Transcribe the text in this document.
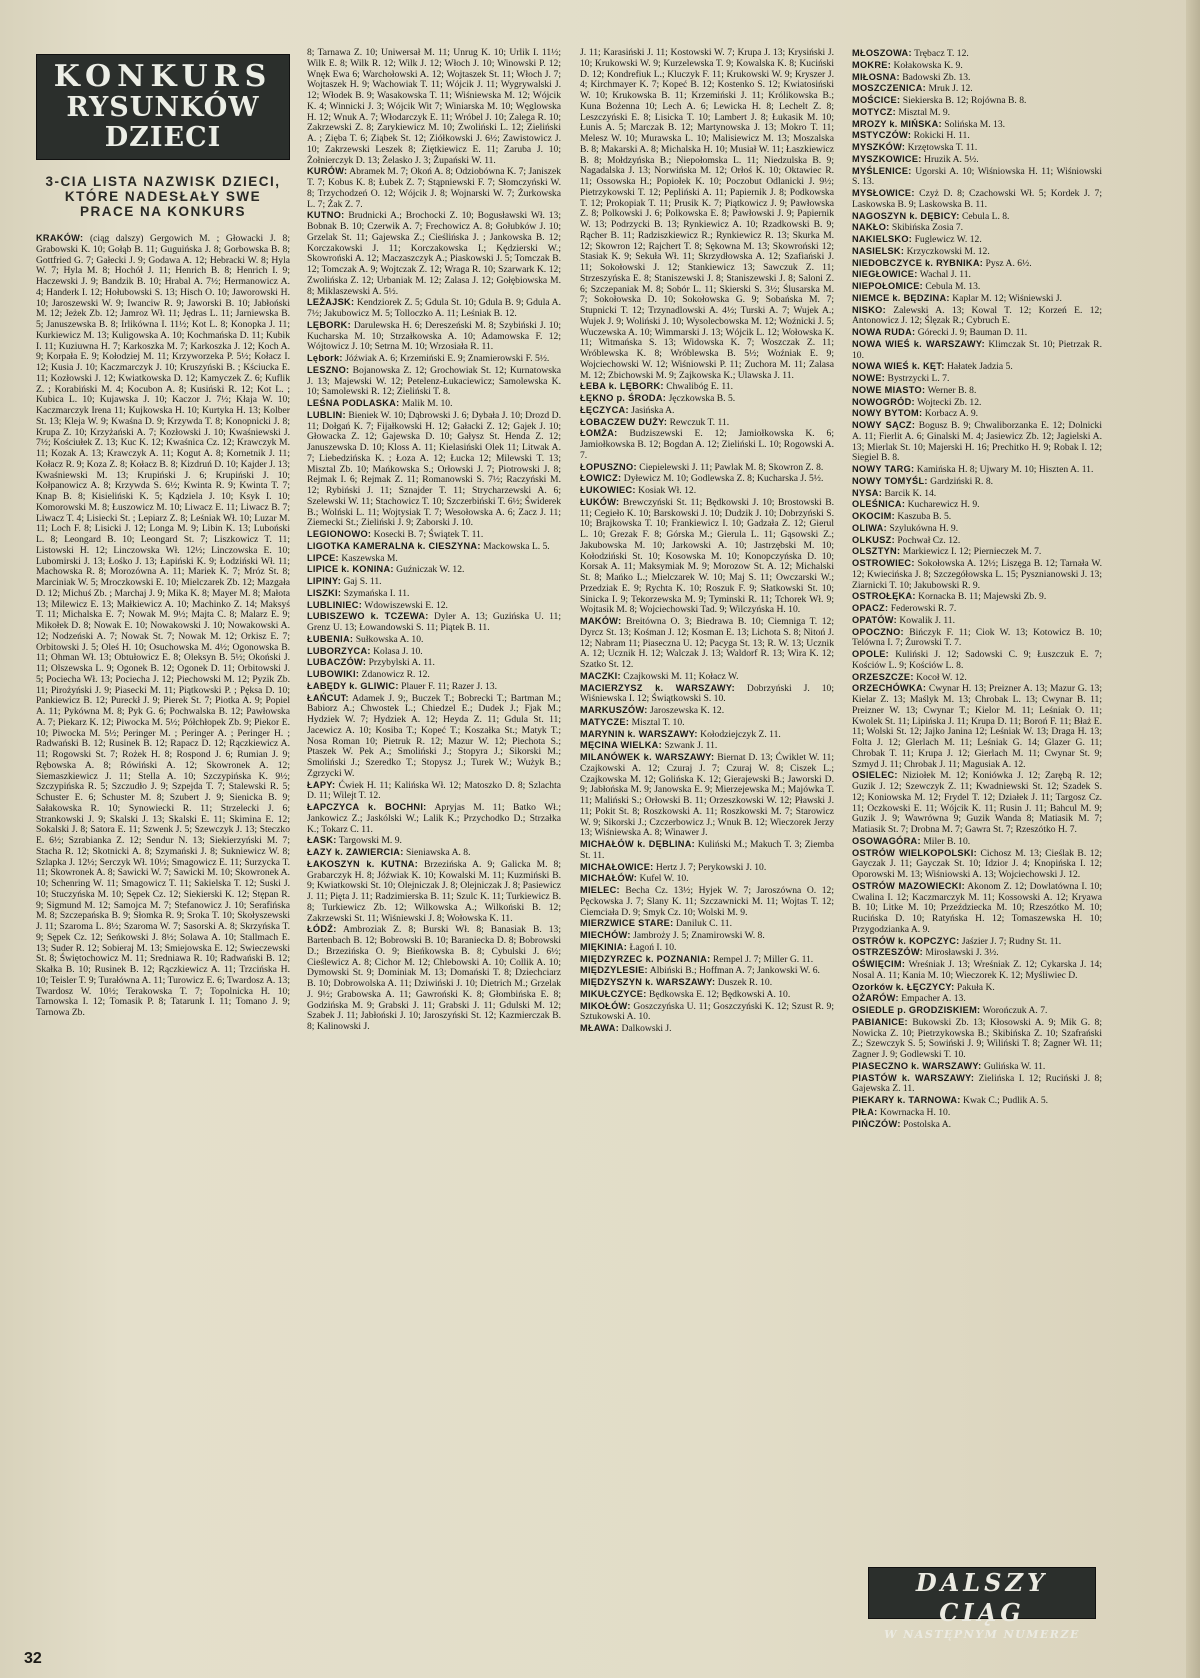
KONKURS
RYSUNKÓW DZIECI
3-CIA LISTA NAZWISK DZIECI, KTÓRE NADESŁAŁY SWE PRACE NA KONKURS

KRAKÓW: (ciąg dalszy) Gergowich M. ; Głowacki J. 8; Grabowski K. 10; Gołąb B. 11; Guguińska J. 8; Gorbowska B. 8; Gottfried G. 7; Gałecki J. 9; Godawa A. 12; Hebracki W. 8; Hyla W. 7; Hyla M. 8; Hochół J. 11; Henrich B. 8; Henrich I. 9; Haczewski J. 9; Bandzik B. 10; Hrabal A. 7½; Hermanowicz A. 4; Handerk I. 12; Hołubowski S. 13; Hisch O. 10; Jaworowski H. 10; Jaroszewski W. 9; Iwanciw R. 9; Jaworski B. 10; Jabłoński M. 12; Jeżek Zb. 12; Jamroz Wł. 11; Jędras L. 11; Jarniewska B. 5; Januszewska B. 8; Irlikówna I. 11½; Kot L. 8; Konopka J. 11; Kurkiewicz M. 13; Kuligowska A. 10; Kochmańska D. 11; Kubik I. 11; Kuziuwna H. 7; Karkoszka M. 7; Karkoszka J. 12; Koch A. 9; Korpała E. 9; Kołodziej M. 11; Krzyworzeka P. 5½; Kołacz I. 12; Kusia J. 10; Kaczmarczyk J. 10; Kruszyński B. ; Kściucka E. 11; Kozłowski J. 12; Kwiatkowska D. 12; Kamyczek Z. 6; Kuflik Z. ; Korabiński M. 4; Kocubon A. 8; Kusiński R. 12; Kot L. ; Kubica L. 10; Kujawska J. 10; Kaczor J. 7½; Kłaja W. 10; Kaczmarczyk Irena 11; Kujkowska H. 10; Kurtyka H. 13; Kolber St. 13; Kleja W. 9; Kwaśna D. 9; Krzywda T. 8; Konopnicki J. 8; Krupa Z. 10; Krzyżański A. 7; Kozłowski J. 10; Kwaśniewski J. 7½; Kościułek Z. 13; Kuc K. 12; Kwaśnica Cz. 12; Krawczyk M. 11; Kozak A. 13; Krawczyk A. 11; Kogut A. 8; Kornetnik J. 11; Kołacz R. 9; Koza Z. 8; Kołacz B. 8; Kizdruń D. 10; Kajder J. 13; Kwaśniewski M. 13; Krupiński J. 6; Krupiński J. 10; Kołpanowicz A. 8; Krzywda S. 6½; Kwinta R. 9; Kwinta T. 7; Knap B. 8; Kisieliński K. 5; Kądziela J. 10; Ksyk I. 10; Komorowski M. 8; Łuszowicz M. 10; Liwacz E. 11; Liwacz B. 7; Liwacz T. 4; Lisiecki St. ; Lepiarz Z. 8; Leśniak Wł. 10; Luzar M. 11; Loch F. 8; Lisicki J. 12; Longa M. 9; Libin K. 13; Luboński L. 8; Leongard B. 10; Leongard St. 7; Liszkowicz T. 11; Listowski H. 12; Linczowska Wł. 12½; Linczowska E. 10; Lubomirski J. 13; Łośko J. 13; Łapiński K. 9; Łodziński Wł. 11; Machowska R. 8; Morozówna A. 11; Mariek K. 7; Mróz St. 8; Marciniak W. 5; Mroczkowski E. 10; Mielczarek Zb. 12; Mazgała D. 12; Michuś Zb. ; Marchaj J. 9; Mika K. 8; Mayer M. 8; Małota 13; Milewicz E. 13; Małkiewicz A. 10; Machinko Z. 14; Maksyś T. 11; Michalska E. 7; Nowak M. 9½; Majta C. 8; Malarz E. 9; Mikołek D. 8; Nowak E. 10; Nowakowski J. 10; Nowakowski A. 12; Nodzeński A. 7; Nowak St. 7; Nowak M. 12; Orkisz E. 7; Orbitowski J. 5; Oleś H. 10; Osuchowska M. 4½; Ogonowska B. 11; Ohman Wł. 13; Obtułowicz E. 8; Oleksyn B. 5½; Okoński J. 11; Olszewska L. 9; Ogonek B. 12; Ogonek D. 11; Orbitowski J. 5; Pociecha Wł. 13; Pociecha J. 12; Piechowski M. 12; Pyzik Zb. 11; Pirożyński J. 9; Piasecki M. 11; Piątkowski P. ; Pęksa D. 10; Pankiewicz B. 12; Pureckł J. 9; Pierek St. 7; Piotka A. 9; Popiel A. 11; Pykówna M. 8; Pyk G. 6; Pochwalska B. 12; Pawłowska A. 7; Piekarz K. 12; Piwocka M. 5½; Półchłopek Zb. 9; Piekor E. 10; Piwocka M. 5½; Peringer M. ; Peringer A. ; Peringer H. ; Radwański B. 12; Rusinek B. 12; Rapacz D. 12; Rączkiewicz A. 11; Rogowski St. 7; Rożek H. 8; Rospond J. 6; Rumian J. 9; Rębowska A. 8; Rówiński A. 12; Skowronek A. 12; Siemaszkiewicz J. 11; Stella A. 10; Szczypińska K. 9½; Szczypińska R. 5; Szczudło J. 9; Szpejda T. 7; Stalewski R. 5; Schuster E. 6; Schuster M. 8; Szubert J. 9; Sienicka B. 9; Sałakowska R. 10; Synowiecki R. 11; Strzelecki J. 6; Strankowski J. 9; Skalski J. 13; Skalski E. 11; Skimina E. 12; Sokalski J. 8; Satora E. 11; Szwenk J. 5; Szewczyk J. 13; Steczko E. 6½; Szrabianka Z. 12; Sendur N. 13; Siekierzyński M. 7; Stacha R. 12; Skotnicki A. 8; Szymański J. 8; Sukniewicz W. 8; Szlapka J. 12½; Serczyk Wł. 10½; Smagowicz E. 11; Surzycka T. 11; Skowronek A. 8; Sawicki W. 7; Sawicki M. 10; Skowronek A. 10; Schenring W. 11; Smagowicz T. 11; Sakielska T. 12; Suski J. 10; Stuczyńska M. 10; Sępek Cz. 12; Siekierski K. 12; Stępan R. 9; Sigmund M. 12; Samojca M. 7; Stefanowicz J. 10; Serafińska M. 8; Szczepańska B. 9; Słomka R. 9; Sroka T. 10; Skołyszewski J. 11; Szaroma L. 8½; Szaroma W. 7; Sasorski A. 8; Skrzyńska T. 9; Sępek Cz. 12; Seńkowski J. 8½; Solawa A. 10; Stallmach E. 13; Suder R. 12; Sobieraj M. 13; Smiejowska E. 12; Swieczewski St. 8; Świętochowicz M. 11; Sredniawa R. 10; Radwański B. 12; Skałka B. 10; Rusinek B. 12; Rączkiewicz A. 11; Trzcińska H. 10; Teisler T. 9; Turałówna A. 11; Turowicz E. 6; Twardosz A. 13; Twardosz W. 10½; Terakowska T. 7; Topolnicka H. 10; Tarnowska I. 12; Tomasik P. 8; Tatarunk I. 11; Tomano J. 9; Tarnowa Zb.

8; Tarnawa Z. 10; Uniwersał M. 11; Unrug K. 10; Urlik I. 11½; Wilk E. 8; Wilk R. 12; Wilk J. 12; Włoch J. 10; Winowski P. 12; Wnęk Ewa 6; Warchołowski A. 12; Wojtaszek St. 11; Włoch J. 7; Wojtaszek H. 9; Wachowiak T. 11; Wójcik J. 11; Wygrywalski J. 12; Włodek B. 9; Wasakowska T. 11; Wiśniewska M. 12; Wójcik K. 4; Winnicki J. 3; Wójcik Wit 7; Winiarska M. 10; Węglowska H. 12; Wnuk A. 7; Włodarczyk E. 11; Wróbel J. 10; Zalega R. 10; Zakrzewski Z. 8; Zarykiewicz M. 10; Zwoliński L. 12; Zieliński A. ; Zięba T. 6; Ziąbek St. 12; Ziółkowski J. 6½; Zawistowicz J. 10; Zakrzewski Leszek 8; Ziętkiewicz E. 11; Zaruba J. 10; Żołnierczyk D. 13; Żelasko J. 3; Żupański W. 11.

KURÓW: Abramek M. 7; Okoń A. 8; Odziobówna K. 7; Janiszek T. 7; Kobus K. 8; Łubek Z. 7; Stąpniewski F. 7; Słomczyński W. 8; Trzychodzeń O. 12; Wójcik J. 8; Wojnarski W. 7; Żurkowska L. 7; Żak Z. 7.

KUTNO: Brudnicki A.; Brochocki Z. 10; Bogusławski Wł. 13; Bobnak B. 10; Czerwik A. 7; Frechowicz A. 8; Gołubków J. 10; Grzelak St. 11; Gajewska Z.; Cieślińska J. ; Jankowska B. 12; Korczakowski J. 11; Korczakowska I.; Kędzierski W.; Skowroński A. 12; Maczaszczyk A.; Piaskowski J. 5; Tomczak B. 12; Tomczak A. 9; Wojtczak Z. 12; Wraga R. 10; Szarwark K. 12; Zwolińska Z. 12; Urbaniak M. 12; Zalasa J. 12; Gołębiowska M. 8; Miklaszewski A. 5½.

LEŻAJSK: Kendziorek Z. 5; Gdula St. 10; Gdula B. 9; Gdula A. 7½; Jakubowicz M. 5; Tolloczko A. 11; Leśniak B. 12.

LĘBORK: Darulewska H. 6; Dereszeński M. 8; Szybiński J. 10; Kucharska M. 10; Strzałkowska A. 10; Adamowska F. 12; Wójtowicz J. 10; Setrna M. 10; Wrzosiała R. 11.

Lębork: Jóźwiak A. 6; Krzemiński E. 9; Znamierowski F. 5½.

LESZNO: Bojanowska Z. 12; Grochowiak St. 12; Kurnatowska J. 13; Majewski W. 12; Petelenz-Łukaciewicz; Samolewska K. 10; Samolewski R. 12; Zieliński T. 8.

LEŚNA PODLASKA: Malik M. 10.

LUBLIN: Bieniek W. 10; Dąbrowski J. 6; Dybała J. 10; Drozd D. 11; Dołgań K. 7; Fijałkowski H. 12; Gałacki Z. 12; Gajek J. 10; Głowacka Z. 12; Gajewska D. 10; Gałysz St. Henda Z. 12; Januszewska D. 10; Kloss A. 11; Kielasiński Olek 11; Litwak A. 7; Liebedzińska K. ; Łoza A. 12; Łucka 12; Milewski T. 13; Misztal Zb. 10; Mańkowska S.; Orłowski J. 7; Piotrowski J. 8; Rejmak I. 6; Rejmak Z. 11; Romanowski S. 7½; Raczyński M. 12; Rybiński J. 11; Sznajder T. 11; Strycharzewski A. 6; Szelewski W. 11; Stachowicz T. 10; Szczerbiński T. 6½; Świderek B.; Wolński L. 11; Wojtysiak T. 7; Wesołowska A. 6; Zacz J. 11; Ziemecki St.; Zieliński J. 9; Zaborski J. 10.

LEGIONOWO: Kosecki B. 7; Świątek T. 11.

LIGOTKA KAMERALNA k. CIESZYNA: Mackowska L. 5.

LIPCE: Kaszewska M.

LIPICE k. KONINA: Guźniczak W. 12.

LIPINY: Gaj S. 11.

LISZKI: Szymańska I. 11.

LUBLINIEC: Wdowiszewski E. 12.

LUBISZEWO k. TCZEWA: Dyler A. 13; Guzińska U. 11; Grenz U. 13; Łowandowski S. 11; Piątek B. 11.

ŁUBENIA: Sułkowska A. 10.

LUBORZYCA: Kolasa J. 10.

LUBACZÓW: Przybylski A. 11.

LUBOWIKI: Zdanowicz R. 12.

ŁABĘDY k. GLIWIC: Plauer F. 11; Razer J. 13.

ŁAŃCUT: Adamek J. 9;, Buczek T.; Bobrecki T.; Bartman M.; Babiorz A.; Chwostek L.; Chiedzel E.; Dudek J.; Fjak M.; Hydziek W. 7; Hydziek A. 12; Heyda Z. 11; Gdula St. 11; Jacewicz A. 10; Kosiba T.; Kopeć T.; Koszałka St.; Matyk T.; Nosa Roman 10; Pietruk R. 12; Mazur W. 12; Piechota S.; Ptaszek W. Pek A.; Smoliński J.; Stopyra J.; Sikorski M.; Smoliński J.; Szeredko T.; Stopysz J.; Turek W.; Wużyk B.; Zgrzycki W.

ŁAPY: Ćwiek H. 11; Kalińska Wł. 12; Matoszko D. 8; Szlachta D. 11; Wilejt T. 12.

ŁAPCZYCA k. BOCHNI: Apryjas M. 11; Batko Wł.; Jankowicz Z.; Jaskólski W.; Lalik K.; Przychodko D.; Strzałka K.; Tokarz C. 11.

ŁASK: Targowski M. 9.

ŁAZY k. ZAWIERCIA: Sieniawska A. 8.

ŁAKOSZYN k. KUTNA: Brzezińska A. 9; Galicka M. 8; Grabarczyk H. 8; Jóźwiak K. 10; Kowalski M. 11; Kuzmiński B. 9; Kwiatkowski St. 10; Olejniczak J. 8; Olejniczak J. 8; Pasiewicz J. 11; Pięta J. 11; Radzimierska B. 11; Szulc K. 11; Turkiewicz B. 8; Turkiewicz Zb. 12; Wilkowska A.; Wilkoński B. 12; Zakrzewski St. 11; Wiśniewski J. 8; Wołowska K. 11.

ŁÓDŹ: Ambroziak Z. 8; Burski Wł. 8; Banasiak B. 13; Bartenbach B. 12; Bobrowski B. 10; Baraniecka D. 8; Bobrowski D.; Brzezińska O. 9; Bieńkowska B. 8; Cybulski J. 6½; Cieślewicz A. 8; Cichor M. 12; Chlebowski A. 10; Collik A. 10; Dymowski St. 9; Dominiak M. 13; Domański T. 8; Dziechciarz B. 10; Dobrowolska A. 11; Dziwiński J. 10; Dietrich M.; Grzelak J. 9½; Grabowska A. 11; Gawroński K. 8; Głombińska E. 8; Godzińska M. 9; Grabski J. 11; Grabski J. 11; Gdulski M. 12; Szabek J. 11; Jabłoński J. 10; Jaroszyński St. 12; Kazmierczak B. 8; Kalinowski J.

J. 11; Karasiński J. 11; Kostowski W. 7; Krupa J. 13; Krysiński J. 10; Krukowski W. 9; Kurzelewska T. 9; Kowalska K. 8; Kuciński D. 12; Kondrefiuk L.; Kluczyk F. 11; Krukowski W. 9; Kryszer J. 4; Kirchmayer K. 7; Kopeć B. 12; Kostenko S. 12; Kwiatosiński W. 10; Krukowska B. 11; Krzemiński J. 11; Królikowska B.; Kuna Bożenna 10; Lech A. 6; Lewicka H. 8; Lechelt Z. 8; Leszczyński E. 8; Lisicka T. 10; Lambert J. 8; Łukasik M. 10; Łunis A. 5; Marczak B. 12; Martynowska J. 13; Mokro T. 11; Melesz W. 10; Murawska L. 10; Malisiewicz M. 13; Moszalska B. 8; Makarski A. 8; Michalska H. 10; Musiał W. 11; Łaszkiewicz B. 8; Mołdzyńska B.; Niepołomska L. 11; Niedzulska B. 9; Nagadalska J. 13; Norwińska M. 12; Orłoś K. 10; Oktawiec R. 11; Ossowska H.; Popiołek K. 10; Poczobut Odlanicki J. 9½; Pietrzykowski T. 12; Pepliński A. 11; Papiernik J. 8; Podkowska T. 12; Prokopiak T. 11; Prusik K. 7; Piątkowicz J. 9; Pawłowska Z. 8; Polkowski J. 6; Polkowska E. 8; Pawłowski J. 9; Papiernik W. 13; Podrzycki B. 13; Rynkiewicz A. 10; Rzadkowski B. 9; Rącher B. 11; Radziszkiewicz R.; Rynkiewicz R. 13; Skurka M. 12; Skowron 12; Rajchert T. 8; Sękowna M. 13; Skowroński 12; Stasiak K. 9; Sekuła Wł. 11; Skrzydłowska A. 12; Szafiański J. 11; Sokołowski J. 12; Stankiewicz 13; Sawczuk Z. 11; Strzeszyńska E. 8; Staniszewski J. 8; Staniszewski J. 8; Saloni Z. 6; Szczepaniak M. 8; Sobór L. 11; Skierski S. 3½; Ślusarska M. 7; Sokołowska D. 10; Sokołowska G. 9; Sobańska M. 7; Stupnicki T. 12; Trzynadlowski A. 4½; Turski A. 7; Wujek A.; Wujek J. 9; Woliński J. 10; Wysolecbowska M. 12; Woźnicki J. 5; Wuczewska A. 10; Wimmarski J. 13; Wójcik L. 12; Wołowska K. 11; Witmańska S. 13; Widowska K. 7; Woszczak Z. 11; Wróblewska K. 8; Wróblewska B. 5½; Woźniak E. 9; Wojciechowski W. 12; Wiśniowski P. 11; Zuchora M. 11; Zalasa M. 12; Zbichowski M. 9; Zajkowska K.; Ulawska J. 11.

ŁEBA k. LĘBORK: Chwalibóg E. 11.

ŁĘKNO p. ŚRODA: Jęczkowska B. 5.

ŁĘCZYCA: Jasińska A.

ŁOBACZEW DUŻY: Rewczuk T. 11.

ŁOMŻA: Budziszewski E. 12; Jamiołkowska K. 6; Jamiołkowska B. 12; Bogdan A. 12; Zieliński L. 10; Rogowski A. 7.

ŁOPUSZNO: Ciepielewski J. 11; Pawlak M. 8; Skowron Z. 8.

ŁOWICZ: Dyłewicz M. 10; Godlewska Z. 8; Kucharska J. 5½.

ŁUKOWIEC: Kosiak Wł. 12.

ŁUKÓW: Brewczyński St. 11; Będkowski J. 10; Brostowski B. 11; Cegieło K. 10; Barskowski J. 10; Dudzik J. 10; Dobrzyński S. 10; Brajkowska T. 10; Frankiewicz I. 10; Gadzała Z. 12; Gierul L. 10; Grezak F. 8; Górska M.; Gierula L. 11; Gąsowski Z.; Jakubowska M. 10; Jarkowski A. 10; Jastrzębski M. 10; Kołodziński St. 10; Kosowska M. 10; Konopczyńska D. 10; Korsak A. 11; Maksymiak M. 9; Morozow St. A. 12; Michalski St. 8; Mańko L.; Mielczarek W. 10; Maj S. 11; Owczarski W.; Przedziak E. 9; Rychta K. 10; Roszuk F. 9; Słatkowski St. 10; Sinicka I. 9; Tekorzewska M. 9; Tyminski R. 11; Tchorek Wł. 9; Wojtasik M. 8; Wojciechowski Tad. 9; Wilczyńska H. 10.

MAKÓW: Breitówna O. 3; Biedrawa B. 10; Ciemniga T. 12; Dyrcz St. 13; Kośman J. 12; Kosman E. 13; Lichota S. 8; Nitoń J. 12; Nabram 11; Piaseczna U. 12; Pacyga St. 13; R. W. 13; Ucznik A. 12; Ucznik H. 12; Walczak J. 13; Waldorf R. 13; Wira K. 12; Szatko St. 12.

MACZKI: Czajkowski M. 11; Kołacz W.

MACIERZYSZ k. WARSZAWY: Dobrzyński J. 10; Wiśniewska I. 12; Świątkowski S. 10.

MARKUSZÓW: Jaroszewska K. 12.

MATYCZE: Misztal T. 10.

MARYNIN k. WARSZAWY: Kołodziejczyk Z. 11.

MĘCINA WIELKA: Szwank J. 11.

MILANÓWEK k. WARSZAWY: Biernat D. 13; Ćwiklet W. 11; Czajkowski A. 12; Czuraj J. 7; Czuraj W. 8; Ciszek L.; Czajkowska M. 12; Golińska K. 12; Gierajewski B.; Jaworski D. 9; Jabłońska M. 9; Janowska E. 9; Mierzejewska M.; Majówka T. 11; Maliński S.; Orłowski B. 11; Orzeszkowski W. 12; Pławski J. 11; Pokit St. 8; Roszkowski A. 11; Roszkowski M. 7; Starowicz W. 9; Sikorski J.; Czczerbowicz J.; Wnuk B. 12; Wieczorek Jerzy 13; Wiśniewska A. 8; Winawer J.

MICHAŁÓW k. DĘBLINA: Kuliński M.; Makuch T. 3; Ziemba St. 11.

MICHAŁOWICE: Hertz J. 7; Perykowski J. 10.

MICHAŁÓW: Kufel W. 10.

MIELEC: Becha Cz. 13½; Hyjek W. 7; Jaroszówna O. 12; Pęckowska J. 7; Slany K. 11; Szczawnicki M. 11; Wojtas T. 12; Ciemciała D. 9; Smyk Cz. 10; Wolski M. 9.

MIERZWICE STARE: Daniluk C. 11.

MIECHÓW: Jambroży J. 5; Znamirowski W. 8.

MIĘKINIA: Łagoń I. 10.

MIĘDZYRZEC k. POZNANIA: Rempel J. 7; Miller G. 11.

MIĘDZYLESIE: Albiński B.; Hoffman A. 7; Jankowski W. 6.

MIĘDZYSZYN k. WARSZAWY: Duszek R. 10.

MIKUŁCZYCE: Będkowska E. 12; Będkowski A. 10.

MIKOŁÓW: Goszczyńska U. 11; Goszczyński K. 12; Szust R. 9; Sztukowski A. 10.

MŁAWA: Dalkowski J.

MŁOSZOWA: Trębacz T. 12.

MOKRE: Kołakowska K. 9.

MIŁOSNA: Badowski Zb. 13.

MOSZCZENICA: Mruk J. 12.

MOŚCICE: Siekierska B. 12; Rojówna B. 8.

MOTYCZ: Misztal M. 9.

MROZY k. MIŃSKA: Solińska M. 13.

MSTYCZÓW: Rokicki H. 11.

MYSZKÓW: Krzętowska T. 11.

MYSZKOWICE: Hruzik A. 5½.

MYŚLENICE: Ugorski A. 10; Wiśniowska H. 11; Wiśniowski S. 13.

MYSŁOWICE: Czyż D. 8; Czachowski Wł. 5; Kordek J. 7; Laskowska B. 9; Laskowska B. 11.

NAGOSZYN k. DĘBICY: Cebula L. 8.

NAKŁO: Skibińska Zosia 7.

NAKIELSKO: Fuglewicz W. 12.

NASIELSK: Krzyczkowski M. 12.

NIEDOBCZYCE k. RYBNIKA: Pysz A. 6½.

NIEGŁOWICE: Wachal J. 11.

NIEPOŁOMICE: Cebula M. 13.

NIEMCE k. BĘDZINA: Kaplar M. 12; Wiśniewski J.

NISKO: Zalewski A. 13; Kowal T. 12; Korzeń E. 12; Antonowicz J. 12; Ślęzak R.; Cybruch E.

NOWA RUDA: Górecki J. 9; Bauman D. 11.

NOWA WIEŚ k. WARSZAWY: Klimczak St. 10; Pietrzak R. 10.

NOWA WIEŚ k. KĘT: Hałatek Jadzia 5.

NOWE: Bystrzycki L. 7.

NOWE MIASTO: Werner B. 8.

NOWOGRÓD: Wojtecki Zb. 12.

NOWY BYTOM: Korbacz A. 9.

NOWY SĄCZ: Bogusz B. 9; Chwaliborzanka E. 12; Dolnicki A. 11; Fierlit A. 6; Ginalski M. 4; Jasiewicz Zb. 12; Jagielski A. 13; Mierlak St. 10; Majerski H. 16; Prechitko H. 9; Robak I. 12; Siegiel B. 8.

NOWY TARG: Kamińska H. 8; Ujwary M. 10; Hiszten A. 11.

NOWY TOMYŚL: Gardziński R. 8.

NYSA: Barcik K. 14.

OLEŚNICA: Kucharewicz H. 9.

OKOCIM: Kaszuba B. 5.

OLIWA: Szylukówna H. 9.

OLKUSZ: Pochwał Cz. 12.

OLSZTYN: Markiewicz I. 12; Piernieczek M. 7.

OSTROWIEC: Sokołowska A. 12½; Liszęga B. 12; Tarnała W. 12; Kwiecińska J. 8; Szczegółowska L. 15; Pysznianowski J. 13; Ziarnicki T. 10; Jakubowski R. 9.

OSTROŁĘKA: Kornacka B. 11; Majewski Zb. 9.

OPACZ: Federowski R. 7.

OPATÓW: Kowalik J. 11.

OPOCZNO: Bińczyk F. 11; Ciok W. 13; Kotowicz B. 10; Telówna I. 7; Żurowski T. 7.

OPOLE: Kuliński J. 12; Sadowski C. 9; Łuszczuk E. 7; Kościów L. 9; Kościów L. 8.

ORZESZCZE: Kocoł W. 12.

ORZECHÓWKA: Cwynar H. 13; Preizner A. 13; Mazur G. 13; Kielar Z. 13; Maślyk M. 13; Chrobak L. 13; Cwynar B. 11; Preizner W. 13; Cwynar T.; Kielor M. 11; Leśniak O. 11; Kwolek St. 11; Lipińska J. 11; Krupa D. 11; Boroń F. 11; Błaż E. 11; Wolski St. 12; Jajko Janina 12; Leśniak W. 13; Draga H. 13; Folta J. 12; Glerlach M. 11; Leśniak G. 14; Glazer G. 11; Chrobak T. 11; Krupa J. 12; Gierlach M. 11; Cwynar St. 9; Szmyd J. 11; Chrobak J. 11; Magusiak A. 12.

OSIELEC: Niziołek M. 12; Koniówka J. 12; Zarębą R. 12; Guzik J. 12; Szewczyk Z. 11; Kwadniewski St. 12; Szadek S. 12; Koniowska M. 12; Frydel T. 12; Działek J. 11; Targosz Cz. 11; Oczkowski E. 11; Wójcik K. 11; Rusin J. 11; Bahcul M. 9; Guzik J. 9; Wawrówna 9; Guzik Wanda 8; Matiasik M. 7; Matiasik St. 7; Drobna M. 7; Gawra St. 7; Rzeszótko H. 7.

OSOWAGÓRA: Miler B. 10.

OSTRÓW WIELKOPOLSKI: Cichosz M. 13; Cieślak B. 12; Gayczak J. 11; Gayczak St. 10; Idzior J. 4; Knopińska I. 12; Oporowski M. 13; Wiśniowski A. 13; Wojciechowski J. 12.

OSTRÓW MAZOWIECKI: Akonom Z. 12; Dowlatówna I. 10; Cwalina I. 12; Kaczmarczyk M. 11; Kossowski A. 12; Kryawa B. 10; Litke M. 10; Przeździecka M. 10; Rzeszótko M. 10; Rucińska D. 10; Ratyńska H. 12; Tomaszewska H. 10; Przygodzianka A. 9.

OSTRÓW k. KOPCZYC: Jaśzier J. 7; Rudny St. 11.

OSTRZESZÓW: Mirosławski J. 3½.

OŚWIĘCIM: Wreśniak J. 13; Wreśniak Z. 12; Cykarska J. 14; Nosal A. 11; Kania M. 10; Wieczorek K. 12; Myśliwiec D.

Ozorków k. ŁĘCZYCY: Pakuła K.

OŻARÓW: Empacher A. 13.

OSIEDLE p. GRODZISKIEM: Worończuk A. 7.

PABIANICE: Bukowski Zb. 13; Kłosowski A. 9; Mik G. 8; Nowicka Z. 10; Pietrzykowska B.; Skibińska Z. 10; Szafrański Z.; Szewczyk S. 5; Sowiński J. 9; Wiliński T. 8; Zagner Wł. 11; Zagner J. 9; Godlewski T. 10.

PIASECZNO k. WARSZAWY: Gulińska W. 11.

PIASTÓW k. WARSZAWY: Zielińska I. 12; Ruciński J. 8; Gajewska Z. 11.

PIEKARY k. TARNOWA: Kwak C.; Pudlik A. 5.

PIŁA: Kowrnacka H. 10.

PIŃCZÓW: Postolska A.

DALSZY CIĄG
W NASTĘPNYM NUMERZE
32
